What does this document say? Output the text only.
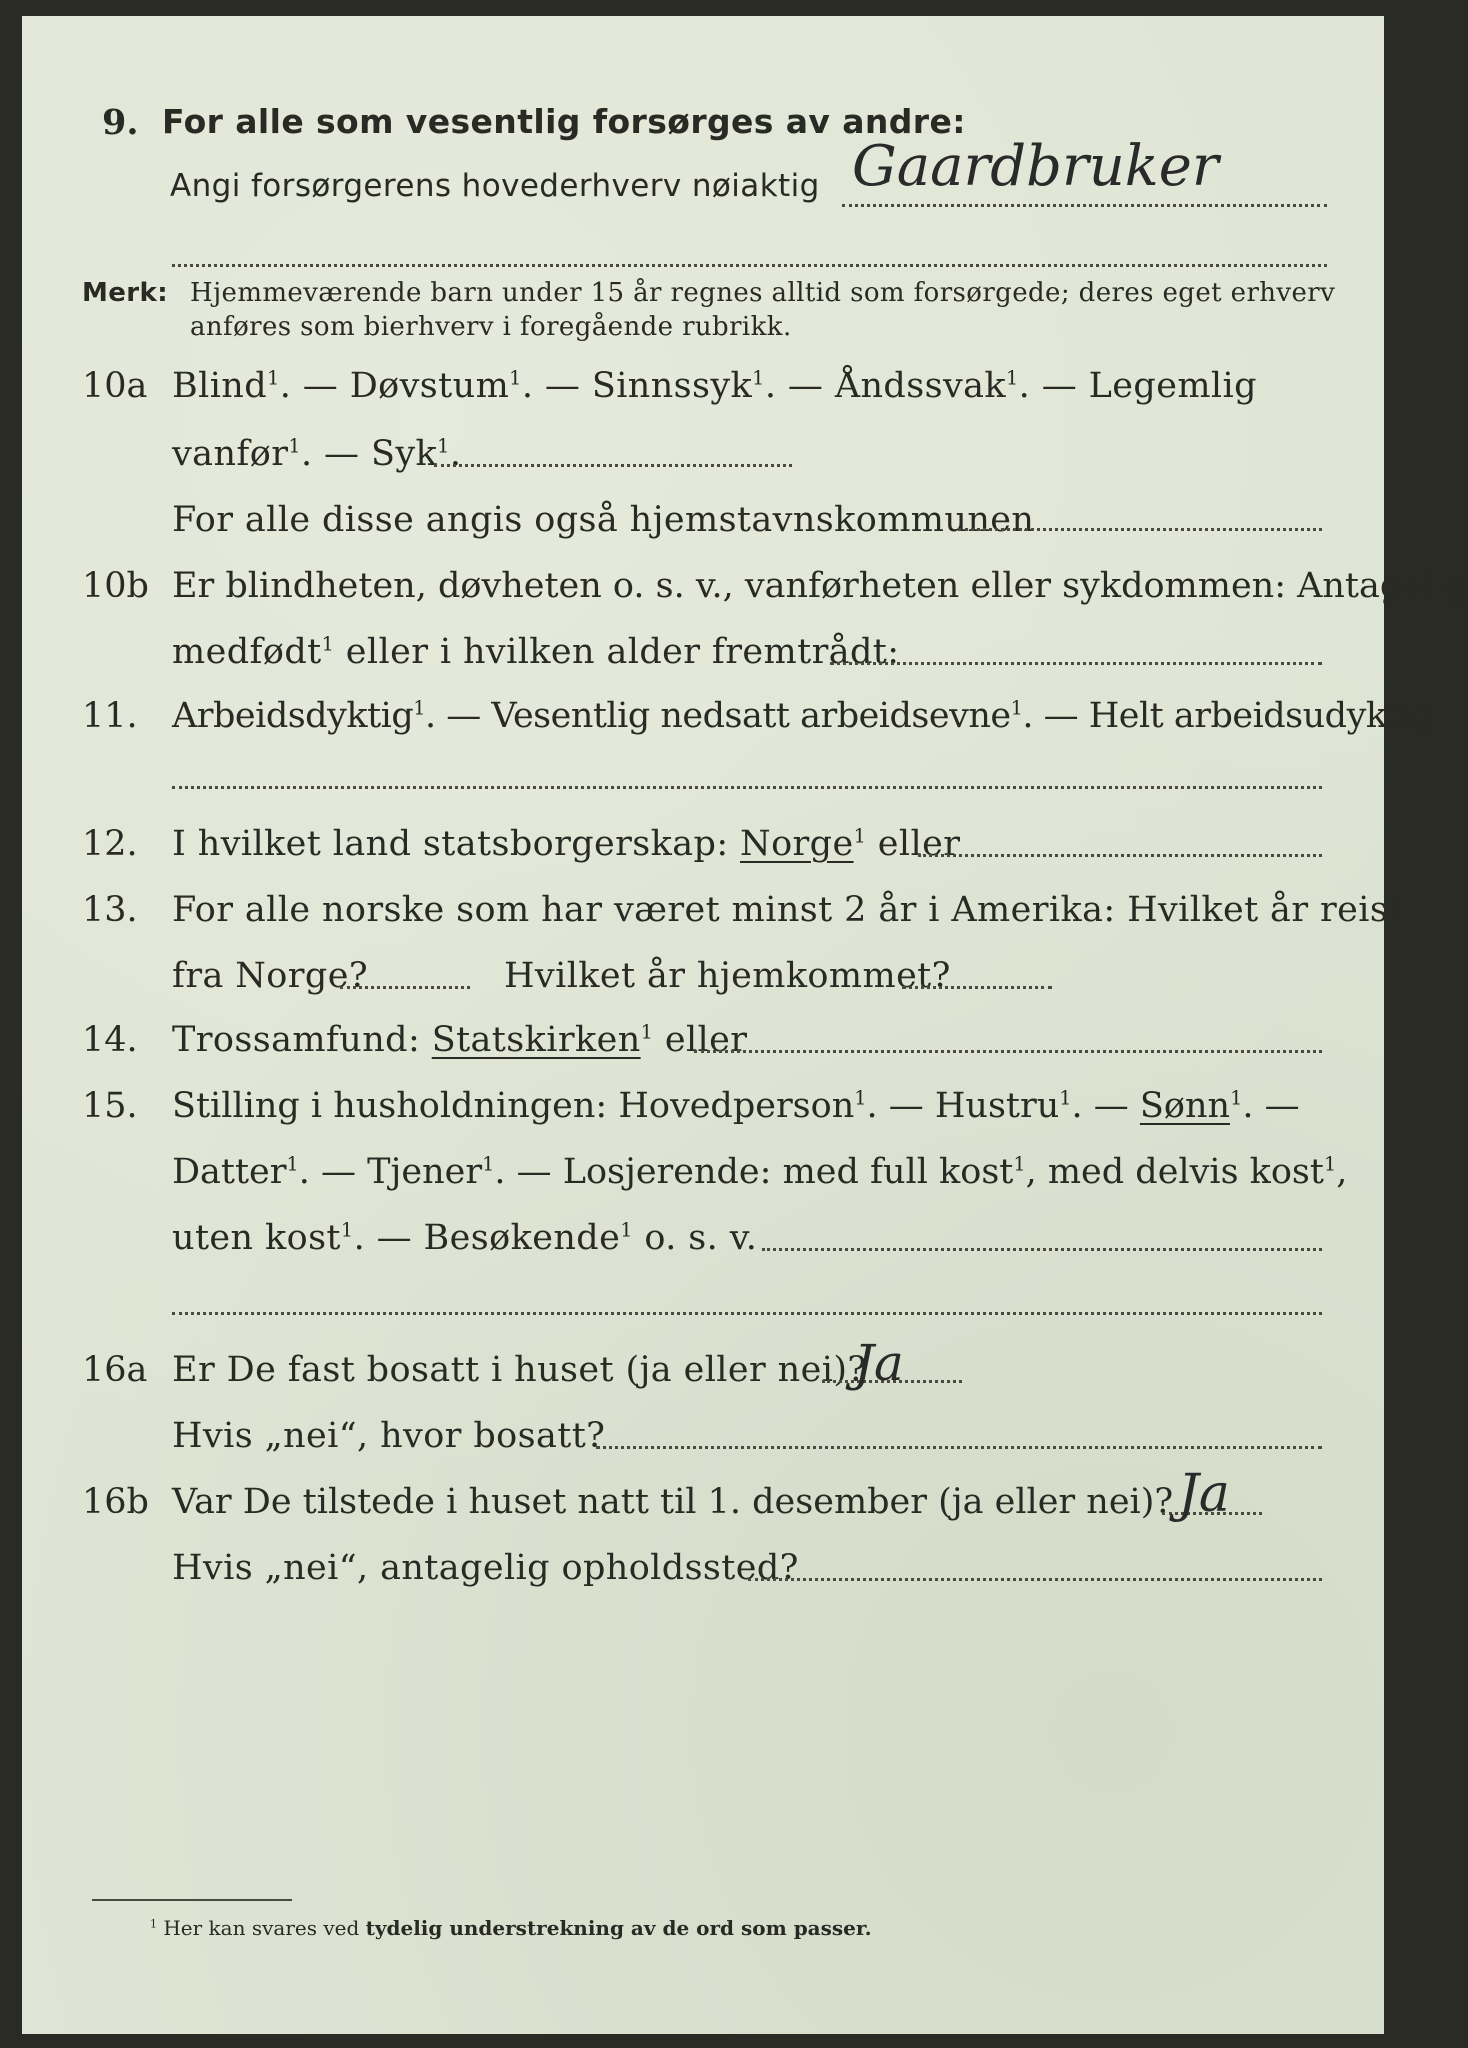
9. For alle som vesentlig forsørges av andre:
Angi forsørgerens hovederhverv nøiaktig Gaardbruker
Merk: Hjemmeværende barn under 15 år regnes alltid som forsørgede; deres eget erhverv
anføres som bierhverv i foregående rubrikk.
10a Blind$^1$. — Døvstum$^1$. — Sinnssyk$^1$. — Åndssvak$^1$. — Legemlig
vanfør$^1$. — Syk$^1$.
For alle disse angis også hjemstavnskommunen
10b Er blindheten, døvheten o. s. v., vanførheten eller sykdommen: Antagelig
medfødt$^1$ eller i hvilken alder fremtrådt:
11. Arbeidsdyktig$^1$. — Vesentlig nedsatt arbeidsevne$^1$. — Helt arbeidsudyktig$^1$.
12. I hvilket land statsborgerskap: Norge$^1$ eller
13. For alle norske som har været minst 2 år i Amerika: Hvilket år reist
fra Norge?	Hvilket år hjemkommet?
14. Trossamfund: Statskirken$^1$ eller
15. Stilling i husholdningen: Hovedperson$^1$. — Hustru$^1$. — Sønn$^1$. —
Datter$^1$. — Tjener$^1$. — Losjerende: med full kost$^1$, med delvis kost$^1$,
uten kost$^1$. — Besøkende$^1$ o. s. v.
16a Er De fast bosatt i huset (ja eller nei)?
Ja
Hvis „nei“, hvor bosatt?
16b Var De tilstede i huset natt til 1. desember (ja eller nei)? Ja
Hvis „nei“, antagelig opholdssted?
$^1$ Her kan svares ved tydelig understrekning av de ord som passer.
